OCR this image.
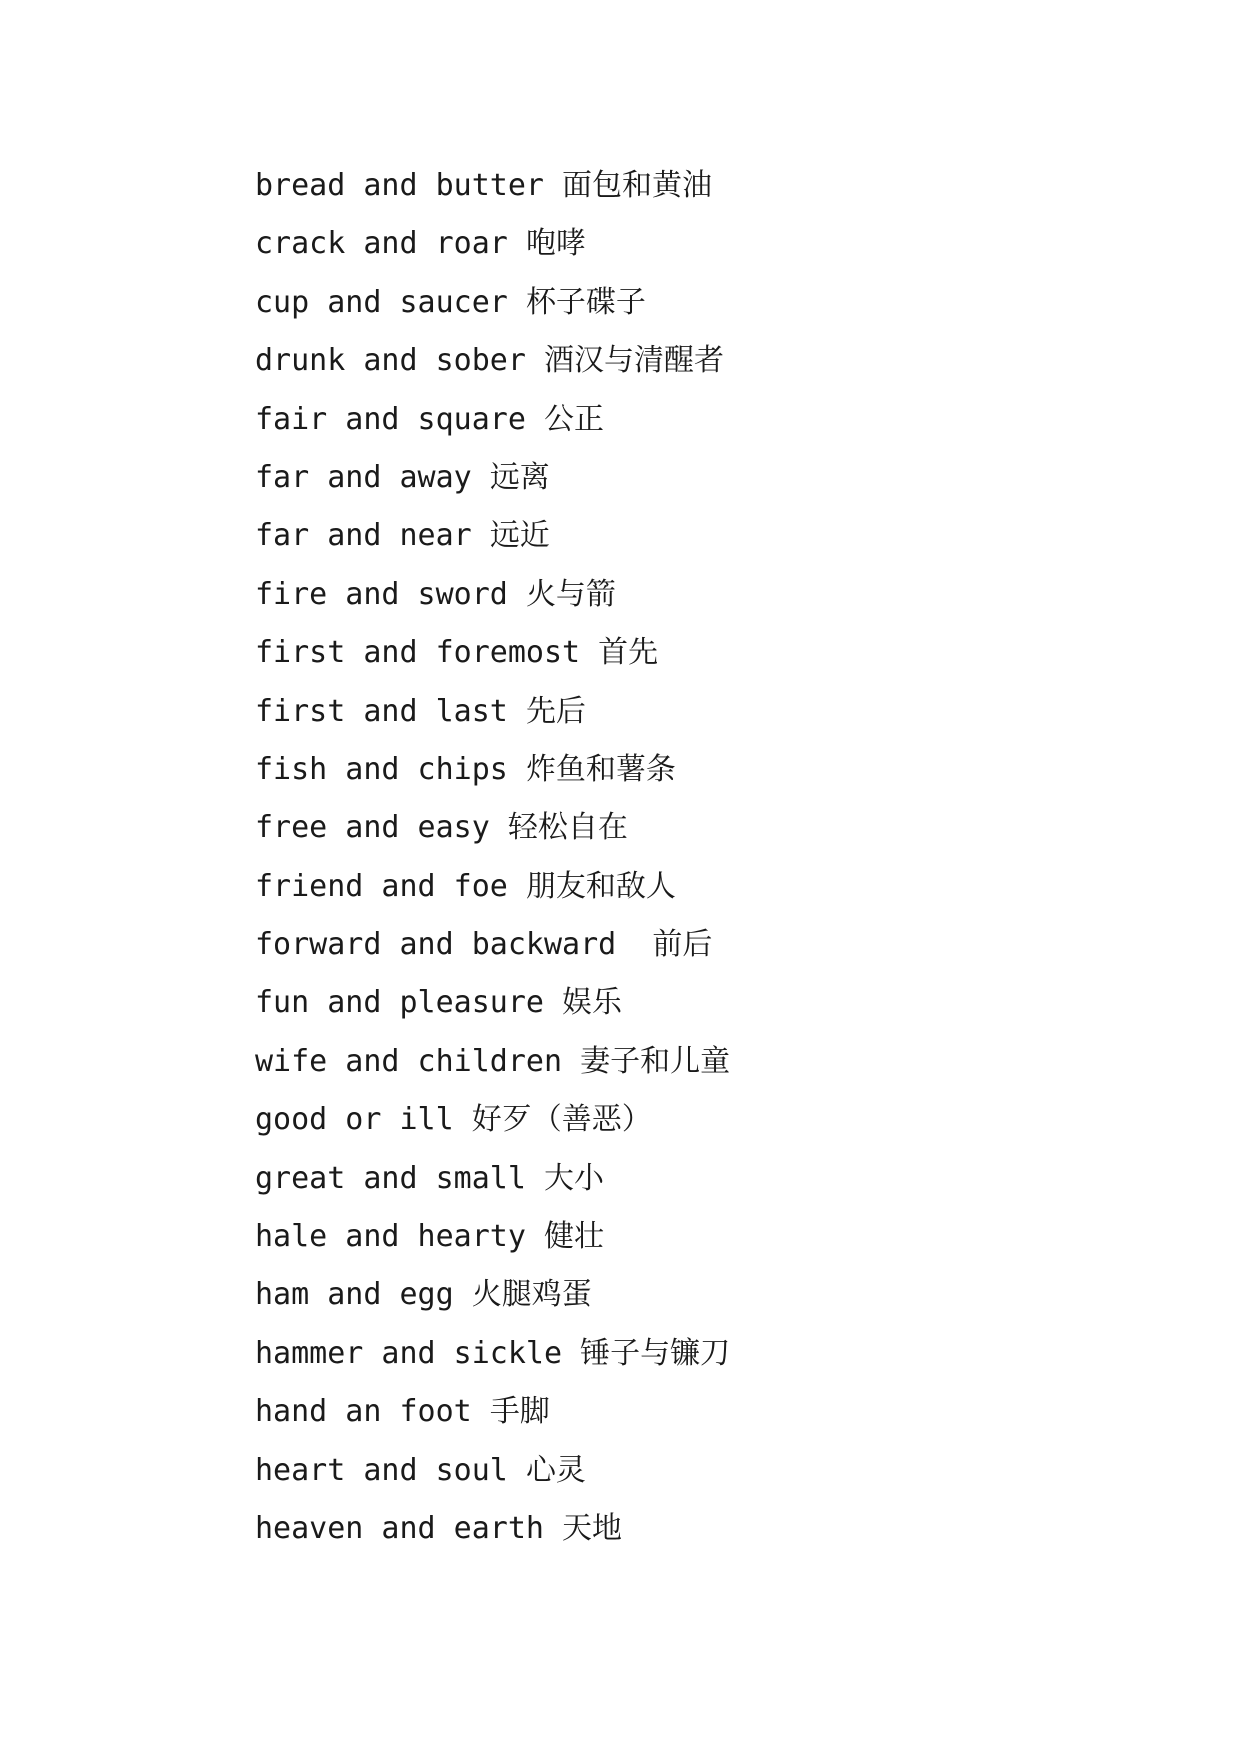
bread and butter 面包和黄油
crack and roar 咆哮
cup and saucer 杯子碟子
drunk and sober 酒汉与清醒者
fair and square 公正
far and away 远离
far and near 远近
fire and sword 火与箭
first and foremost 首先
first and last 先后
fish and chips 炸鱼和薯条
free and easy 轻松自在
friend and foe 朋友和敌人
forward and backward  前后
fun and pleasure 娱乐
wife and children 妻子和儿童
good or ill 好歹（善恶）
great and small 大小
hale and hearty 健壮
ham and egg 火腿鸡蛋
hammer and sickle 锤子与镰刀
hand an foot 手脚
heart and soul 心灵
heaven and earth 天地
